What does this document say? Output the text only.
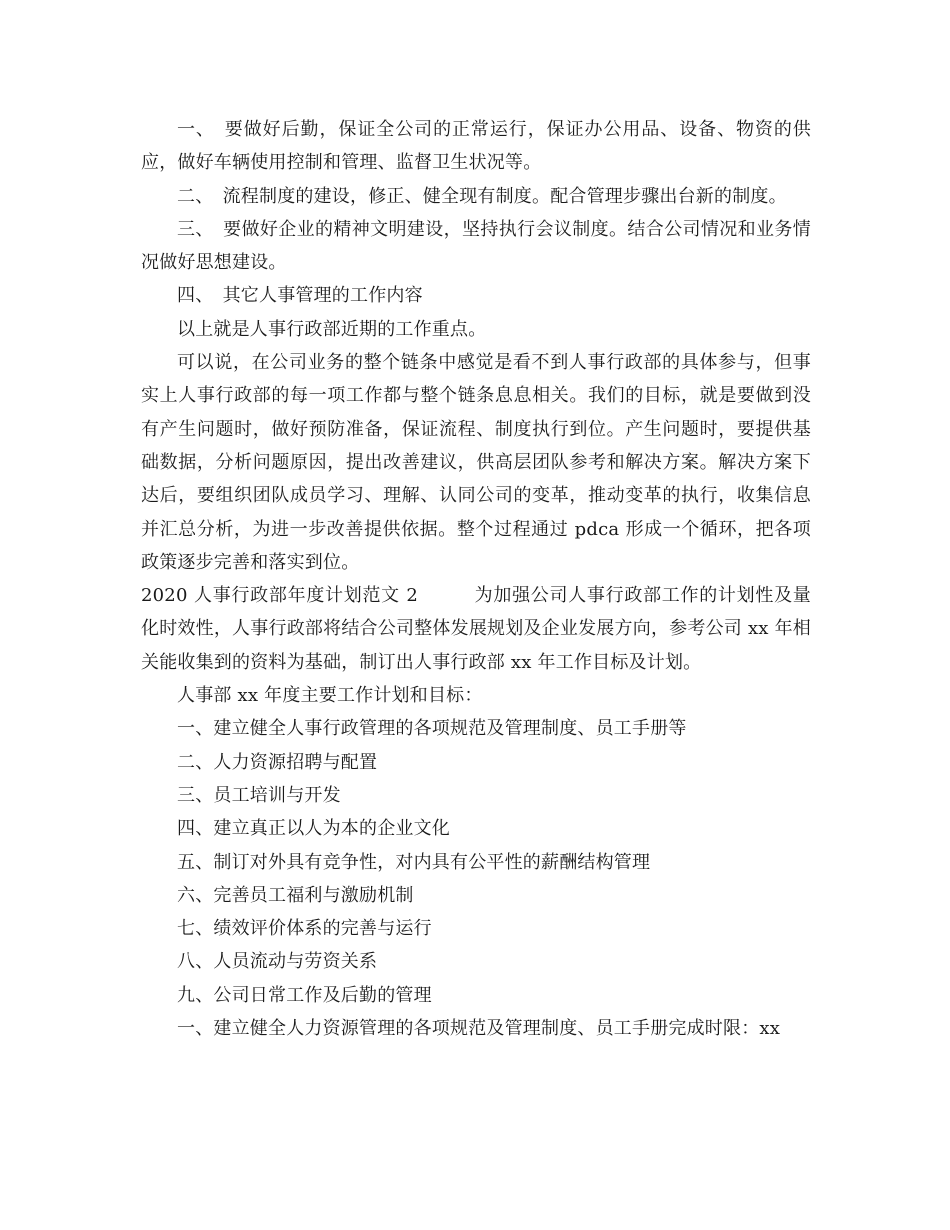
一、　要做好后勤，保证全公司的正常运行，保证办公用品、设备、物资的供应，做好车辆使用控制和管理、监督卫生状况等。

二、　流程制度的建设，修正、健全现有制度。配合管理步骤出台新的制度。

三、　要做好企业的精神文明建设，坚持执行会议制度。结合公司情况和业务情况做好思想建设。

四、　其它人事管理的工作内容

以上就是人事行政部近期的工作重点。

可以说，在公司业务的整个链条中感觉是看不到人事行政部的具体参与，但事实上人事行政部的每一项工作都与整个链条息息相关。我们的目标，就是要做到没有产生问题时，做好预防准备，保证流程、制度执行到位。产生问题时，要提供基础数据，分析问题原因，提出改善建议，供高层团队参考和解决方案。解决方案下达后，要组织团队成员学习、理解、认同公司的变革，推动变革的执行，收集信息并汇总分析，为进一步改善提供依据。整个过程通过 pdca 形成一个循环，把各项政策逐步完善和落实到位。

2020 人事行政部年度计划范文 2　　　为加强公司人事行政部工作的计划性及量化时效性，人事行政部将结合公司整体发展规划及企业发展方向，参考公司 xx 年相关能收集到的资料为基础，制订出人事行政部 xx 年工作目标及计划。

人事部 xx 年度主要工作计划和目标：

一、建立健全人事行政管理的各项规范及管理制度、员工手册等

二、人力资源招聘与配置

三、员工培训与开发

四、建立真正以人为本的企业文化

五、制订对外具有竞争性，对内具有公平性的薪酬结构管理

六、完善员工福利与激励机制

七、绩效评价体系的完善与运行

八、人员流动与劳资关系

九、公司日常工作及后勤的管理

一、建立健全人力资源管理的各项规范及管理制度、员工手册完成时限：xx
